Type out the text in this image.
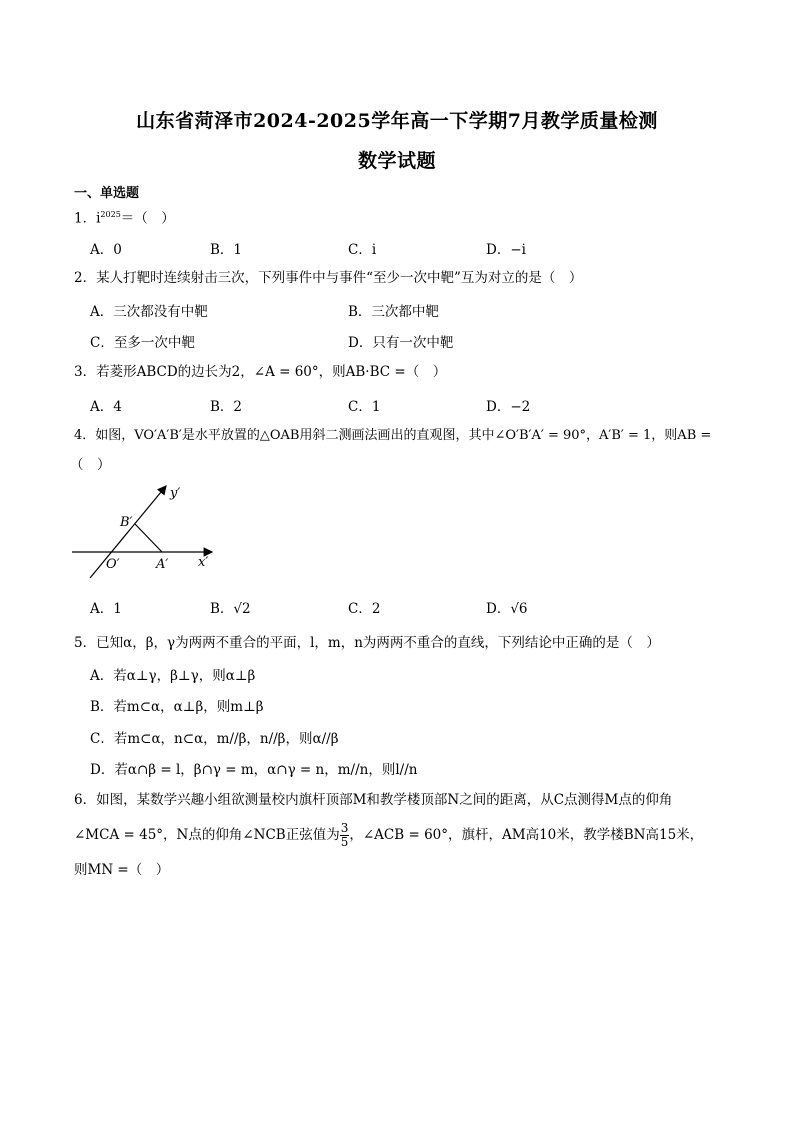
山东省菏泽市2024-2025学年高一下学期7月教学质量检测
数学试题
一、单选题
1．$i^{2025}=$（　）
A．0	B．1	C．i	D．−i
2．某人打靶时连续射击三次，下列事件中与事件“至少一次中靶”互为对立的是（　）
A．三次都没有中靶	B．三次都中靶
C．至多一次中靶	D．只有一次中靶
3．若菱形ABCD的边长为2，∠A = 60°，则AB·BC =（　）
A．4	B．2	C．1	D．−2
4．如图，VO′A′B′是水平放置的△OAB用斜二测画法画出的直观图，其中∠O′B′A′ = 90°，A′B′ = 1，则AB =
（　）
y′
x′
B′
O′	A′
A．1	B．√2	C．2	D．√6
5．已知α，β，γ为两两不重合的平面，l，m，n为两两不重合的直线，下列结论中正确的是（　）
A．若α⊥γ，β⊥γ，则α⊥β
B．若m⊂α，α⊥β，则m⊥β
C．若m⊂α，n⊂α，m//β，n//β，则α//β
D．若α∩β = l，β∩γ = m，α∩γ = n，m//n，则l//n
6．如图，某数学兴趣小组欲测量校内旗杆顶部M和教学楼顶部N之间的距离，从C点测得M点的仰角
∠MCA = 45°，N点的仰角∠NCB正弦值为 $\frac{3}{5}$ ，∠ACB = 60°，旗杆，AM高10米，教学楼BN高15米，
则MN =（　）
